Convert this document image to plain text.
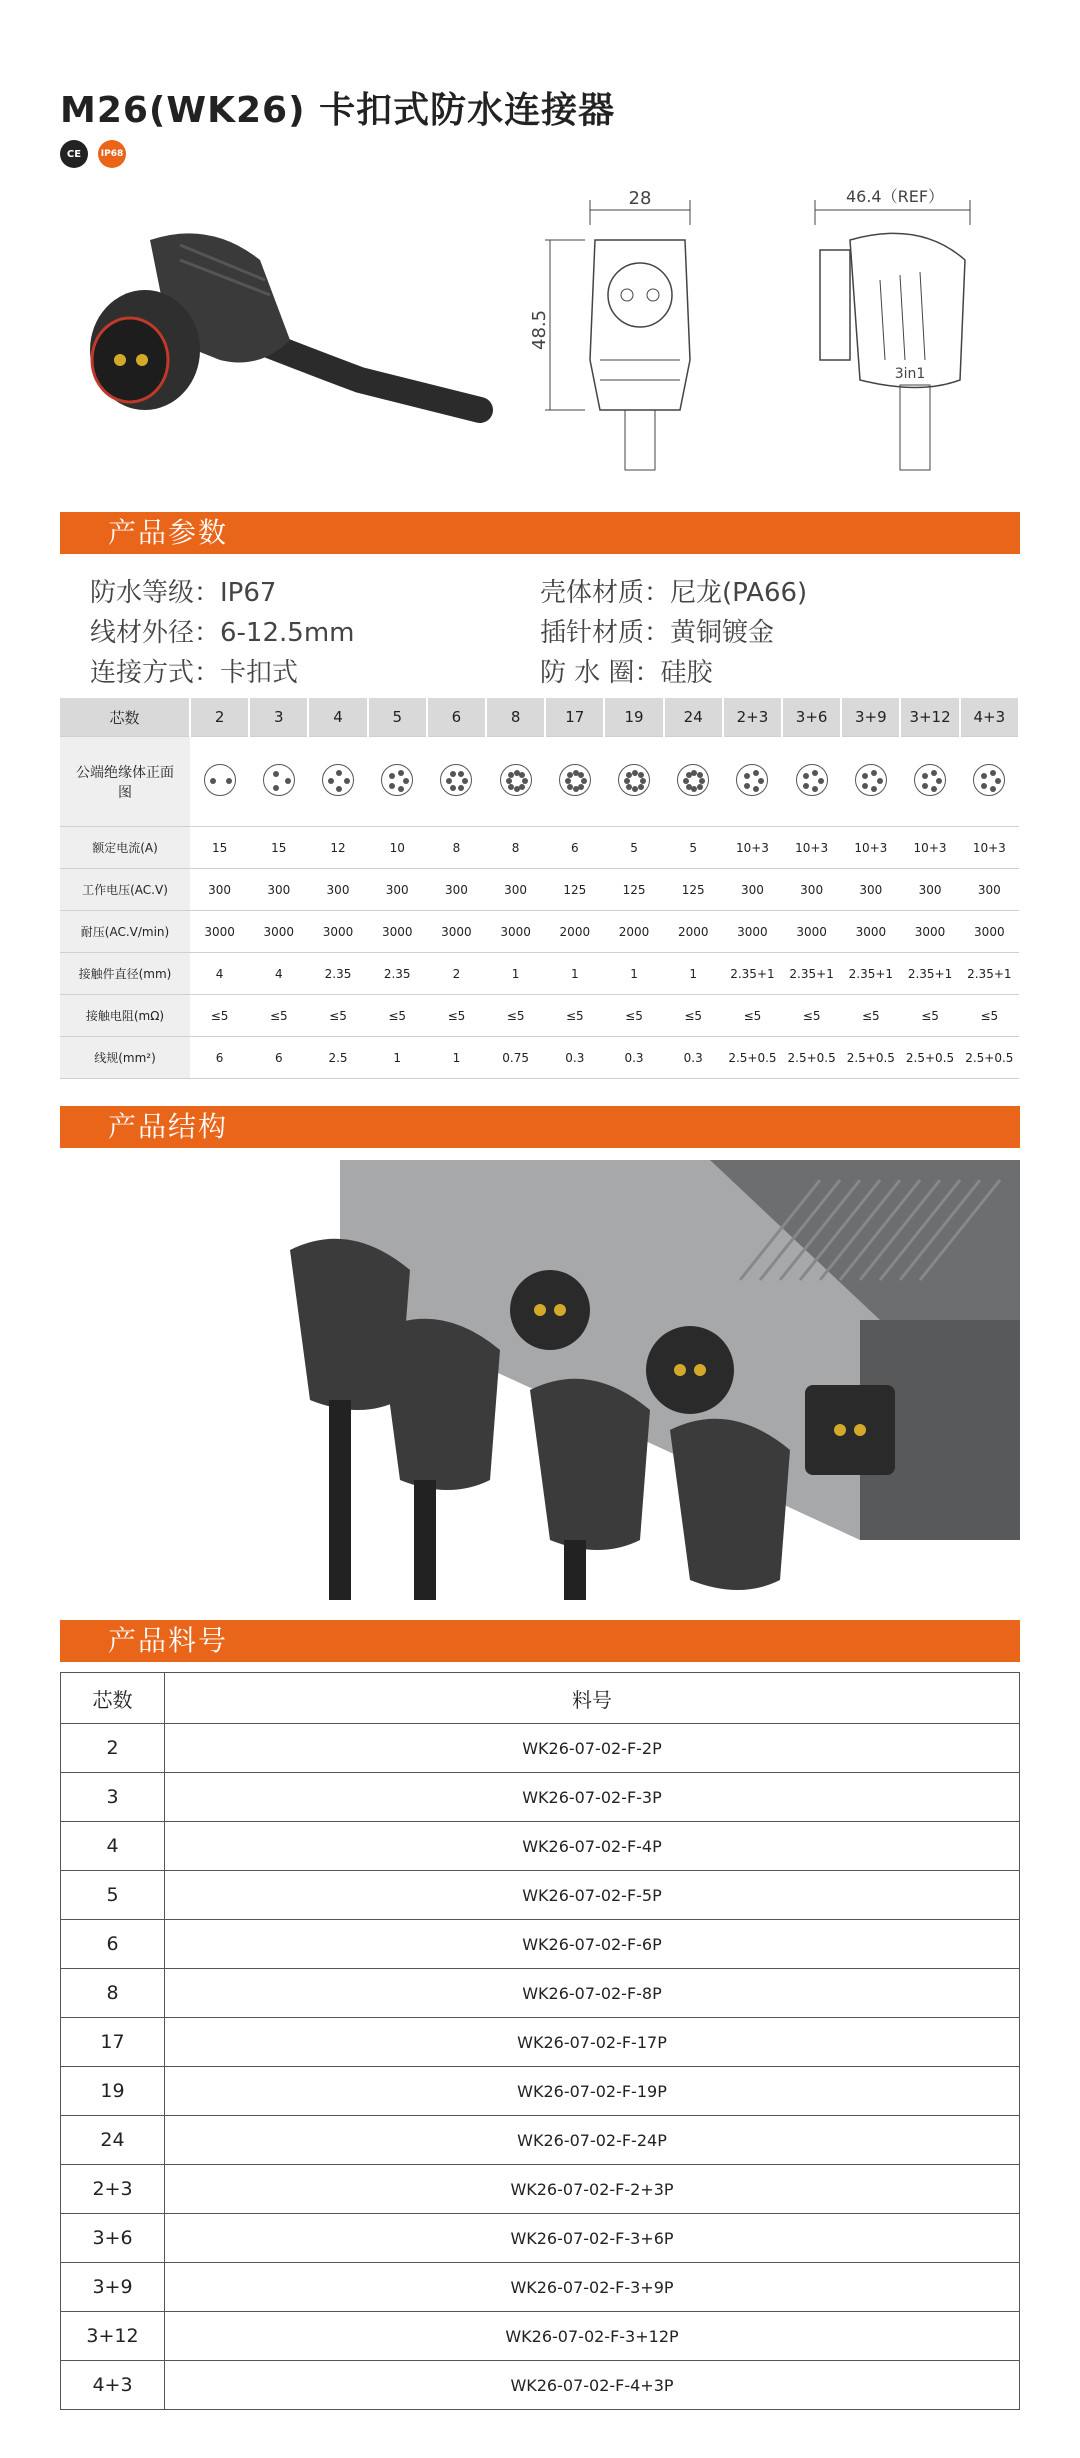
M26(WK26) 卡扣式防水连接器
CE	IP68
28
48.5
46.4（REF）
3in1
产品参数
防水等级：IP67	壳体材质：尼龙(PA66)
线材外径：6-12.5mm	插针材质：黄铜镀金
连接方式：卡扣式	防 水 圈：硅胶
芯数	2	3	4	5	6	8	17	19	24	2+3	3+6	3+9	3+12	4+3
公端绝缘体正面图	

额定电流(A)	15	15	12	10	8	8	6	5	5	10+3	10+3	10+3	10+3	10+3
工作电压(AC.V)	300	300	300	300	300	300	125	125	125	300	300	300	300	300
耐压(AC.V/min)	3000	3000	3000	3000	3000	3000	2000	2000	2000	3000	3000	3000	3000	3000
接触件直径(mm)	4	4	2.35	2.35	2	1	1	1	1	2.35+1	2.35+1	2.35+1	2.35+1	2.35+1
接触电阻(mΩ)	≤5	≤5	≤5	≤5	≤5	≤5	≤5	≤5	≤5	≤5	≤5	≤5	≤5	≤5
线规(mm²)	6	6	2.5	1	1	0.75	0.3	0.3	0.3	2.5+0.5	2.5+0.5	2.5+0.5	2.5+0.5	2.5+0.5
产品结构
产品料号
芯数	料号
2	WK26-07-02-F-2P
3	WK26-07-02-F-3P
4	WK26-07-02-F-4P
5	WK26-07-02-F-5P
6	WK26-07-02-F-6P
8	WK26-07-02-F-8P
17	WK26-07-02-F-17P
19	WK26-07-02-F-19P
24	WK26-07-02-F-24P
2+3	WK26-07-02-F-2+3P
3+6	WK26-07-02-F-3+6P
3+9	WK26-07-02-F-3+9P
3+12	WK26-07-02-F-3+12P
4+3	WK26-07-02-F-4+3P
